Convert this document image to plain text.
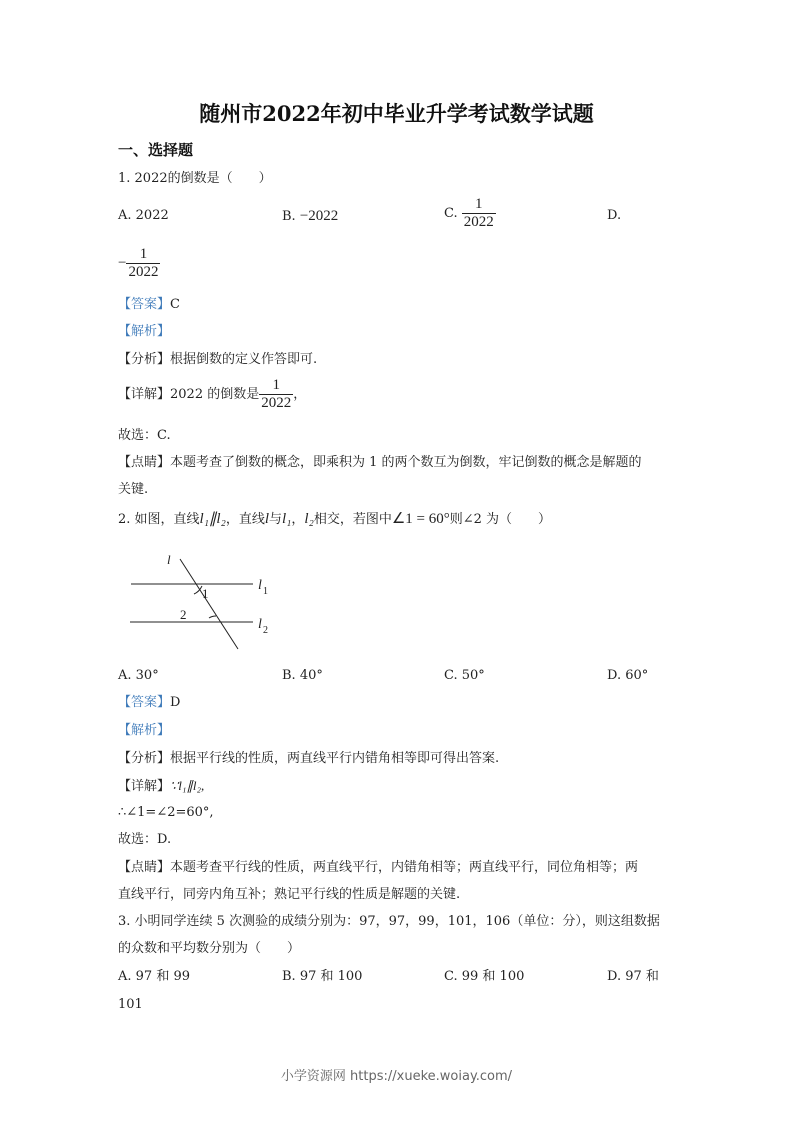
随州市2022年初中毕业升学考试数学试题
一、选择题
1. 2022的倒数是（　　）
A. 2022	B. −2022	C. $\frac{1}{2022}$	D.
− $\frac{1}{2022}$
【答案】C
【解析】
【分析】根据倒数的定义作答即可.
【详解】2022 的倒数是 $\frac{1}{2022}$ ，
故选：C.
【点睛】本题考查了倒数的概念，即乘积为 1 的两个数互为倒数，牢记倒数的概念是解题的
关键.
2. 如图，直线l₁∥l₂，直线l与l₁，l₂相交，若图中∠1 = 60°则∠2 为（　　）
l
1
2
l 1
l 2
A. 30°	B. 40°	C. 50°	D. 60°
【答案】D
【解析】
【分析】根据平行线的性质，两直线平行内错角相等即可得出答案.
【详解】∵l₁∥l₂,
∴∠1=∠2=60°,
故选：D.
【点睛】本题考查平行线的性质，两直线平行，内错角相等；两直线平行，同位角相等；两
直线平行，同旁内角互补；熟记平行线的性质是解题的关键.
3. 小明同学连续 5 次测验的成绩分别为：97，97，99，101，106（单位：分），则这组数据
的众数和平均数分别为（　　）
A. 97 和 99	B. 97 和 100	C. 99 和 100	D. 97 和
101
小学资源网 https://xueke.woiay.com/
